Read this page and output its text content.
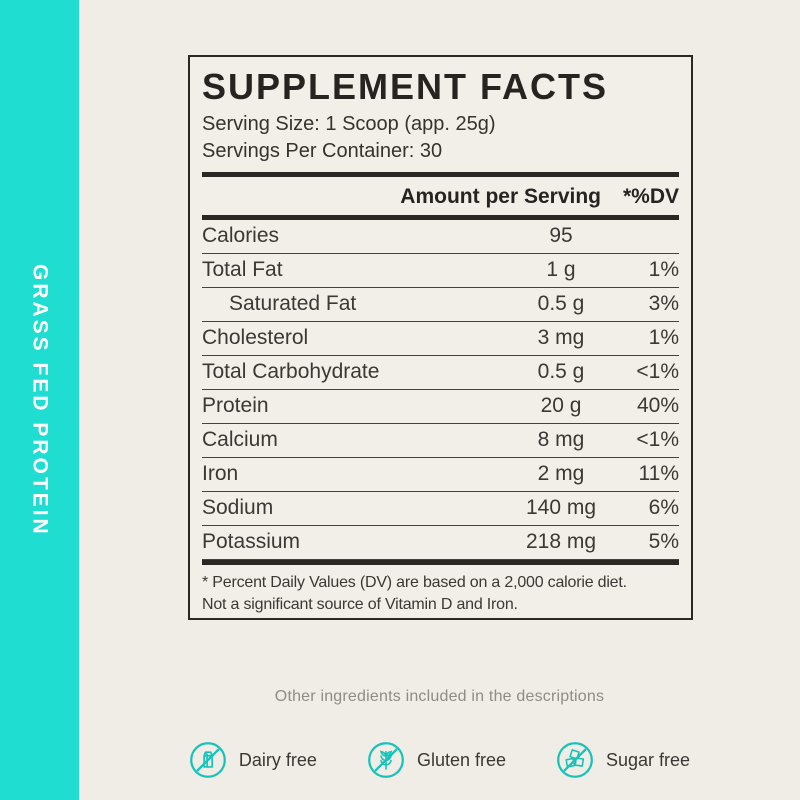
GRASS FED PROTEIN
SUPPLEMENT FACTS
Serving Size: 1 Scoop (app. 25g)
Servings Per Container: 30
Amount per Serving	*%DV
Calories	95
Total Fat	1 g	1%
Saturated Fat	0.5 g	3%
Cholesterol	3 mg	1%
Total Carbohydrate	0.5 g	<1%
Protein	20 g	40%
Calcium	8 mg	<1%
Iron	2 mg	11%
Sodium	140 mg	6%
Potassium	218 mg	5%

* Percent Daily Values (DV) are based on a 2,000 calorie diet.
Not a significant source of Vitamin D and Iron.

Other ingredients included in the descriptions
Dairy free	Gluten free	Sugar free
